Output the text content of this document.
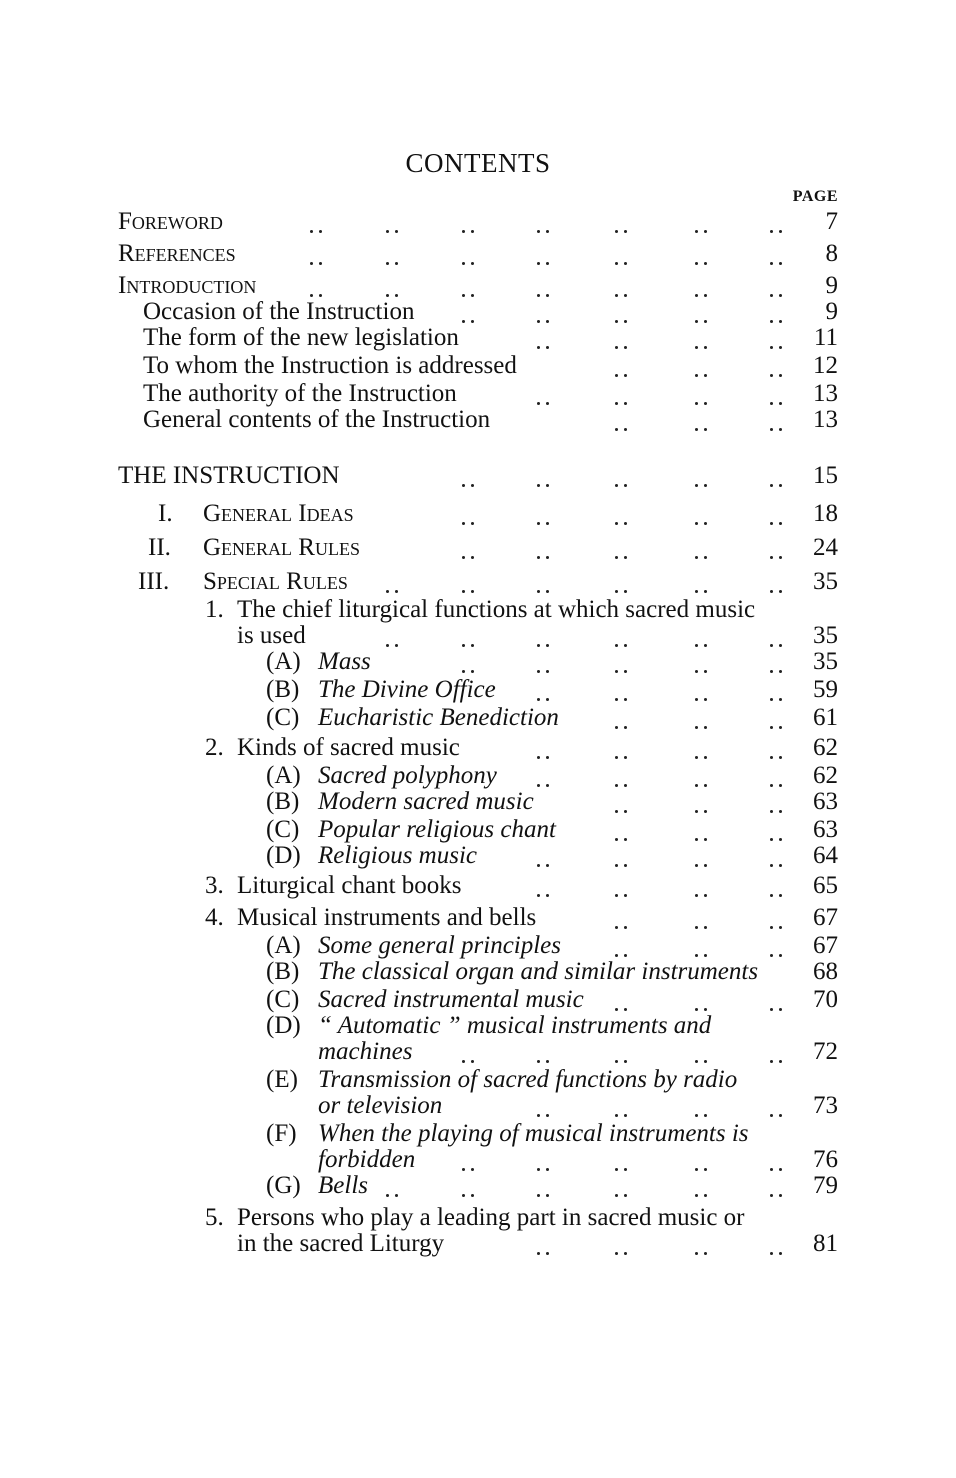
CONTENTS
PAGE
Foreword	7
References	8
Introduction	9
Occasion of the Instruction	9
The form of the new legislation	11
To whom the Instruction is addressed	12
The authority of the Instruction	13
General contents of the Instruction	13
THE INSTRUCTION	15
I. General Ideas	18
II. General Rules	24
III. Special Rules	35
1. The chief liturgical functions at which sacred music
is used	35
(A) Mass	35
(B) The Divine Office	59
(C) Eucharistic Benediction	61
2. Kinds of sacred music	62
(A) Sacred polyphony	62
(B) Modern sacred music	63
(C) Popular religious chant	63
(D) Religious music	64
3. Liturgical chant books	65
4. Musical instruments and bells	67
(A) Some general principles	67
(B) The classical organ and similar instruments 68
(C) Sacred instrumental music	70
(D) “ Automatic ” musical instruments and
machines	72
(E) Transmission of sacred functions by radio
or television	73
(F) When the playing of musical instruments is
forbidden	76
(G) Bells	79
5. Persons who play a leading part in sacred music or
in the sacred Liturgy	81
